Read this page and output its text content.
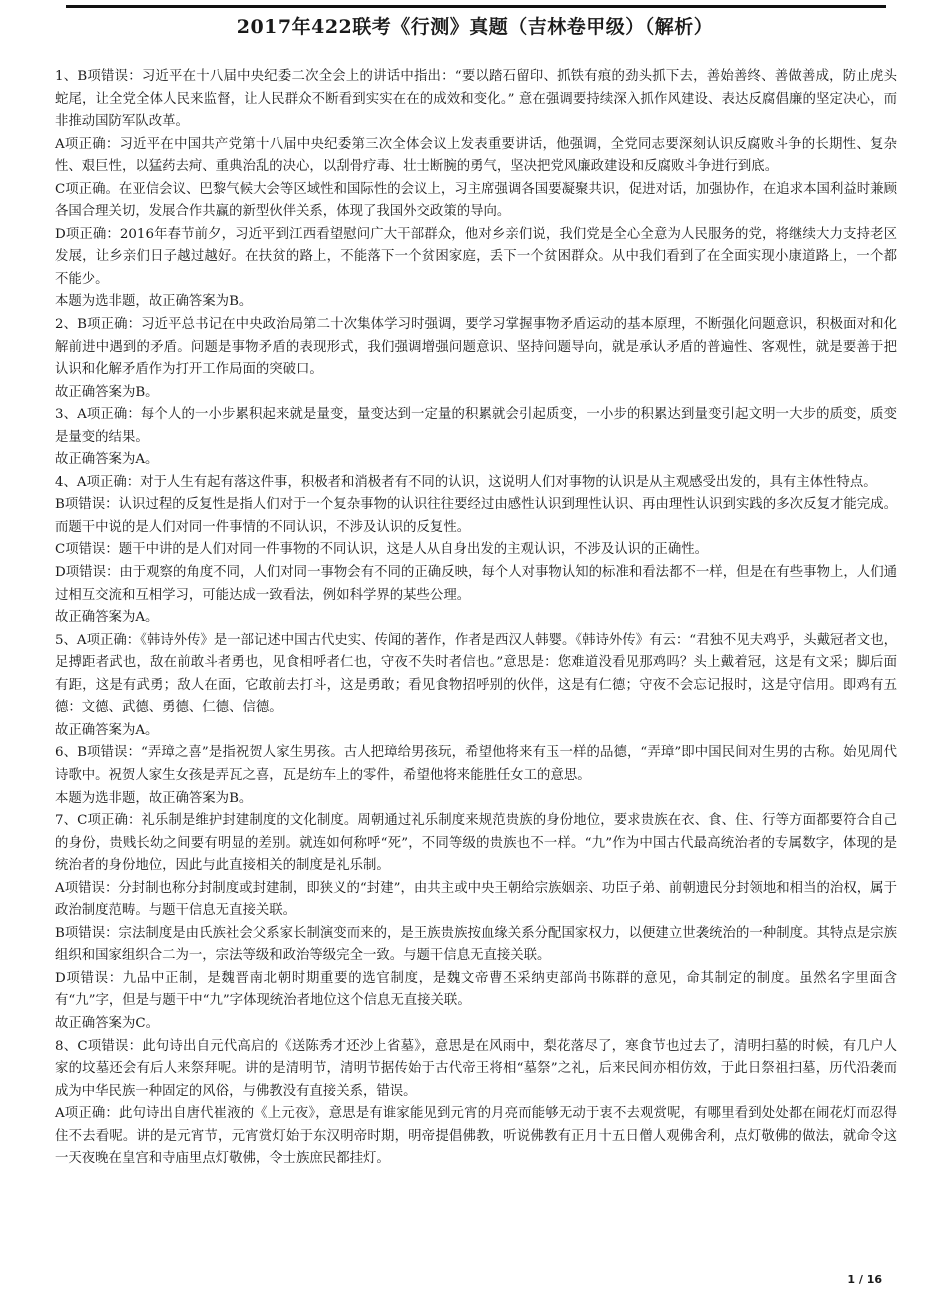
2017年422联考《行测》真题（吉林卷甲级）（解析）

1、B项错误：习近平在十八届中央纪委二次全会上的讲话中指出：“要以踏石留印、抓铁有痕的劲头抓下去，善始善终、善做善成，防止虎头蛇尾，让全党全体人民来监督，让人民群众不断看到实实在在的成效和变化。” 意在强调要持续深入抓作风建设、表达反腐倡廉的坚定决心，而非推动国防军队改革。

A项正确：习近平在中国共产党第十八届中央纪委第三次全体会议上发表重要讲话，他强调，全党同志要深刻认识反腐败斗争的长期性、复杂性、艰巨性，以猛药去疴、重典治乱的决心，以刮骨疗毒、壮士断腕的勇气，坚决把党风廉政建设和反腐败斗争进行到底。

C项正确。在亚信会议、巴黎气候大会等区域性和国际性的会议上，习主席强调各国要凝聚共识，促进对话，加强协作，在追求本国利益时兼顾各国合理关切，发展合作共赢的新型伙伴关系，体现了我国外交政策的导向。

D项正确：2016年春节前夕，习近平到江西看望慰问广大干部群众，他对乡亲们说，我们党是全心全意为人民服务的党，将继续大力支持老区发展，让乡亲们日子越过越好。在扶贫的路上，不能落下一个贫困家庭，丢下一个贫困群众。从中我们看到了在全面实现小康道路上，一个都不能少。

本题为选非题，故正确答案为B。

2、B项正确：习近平总书记在中央政治局第二十次集体学习时强调，要学习掌握事物矛盾运动的基本原理，不断强化问题意识，积极面对和化解前进中遇到的矛盾。问题是事物矛盾的表现形式，我们强调增强问题意识、坚持问题导向，就是承认矛盾的普遍性、客观性，就是要善于把认识和化解矛盾作为打开工作局面的突破口。

故正确答案为B。

3、A项正确：每个人的一小步累积起来就是量变，量变达到一定量的积累就会引起质变，一小步的积累达到量变引起文明一大步的质变，质变是量变的结果。

故正确答案为A。

4、A项正确：对于人生有起有落这件事，积极者和消极者有不同的认识，这说明人们对事物的认识是从主观感受出发的，具有主体性特点。

B项错误：认识过程的反复性是指人们对于一个复杂事物的认识往往要经过由感性认识到理性认识、再由理性认识到实践的多次反复才能完成。而题干中说的是人们对同一件事情的不同认识，不涉及认识的反复性。

C项错误：题干中讲的是人们对同一件事物的不同认识，这是人从自身出发的主观认识，不涉及认识的正确性。

D项错误：由于观察的角度不同，人们对同一事物会有不同的正确反映，每个人对事物认知的标准和看法都不一样，但是在有些事物上，人们通过相互交流和互相学习，可能达成一致看法，例如科学界的某些公理。

故正确答案为A。

5、A项正确：《韩诗外传》是一部记述中国古代史实、传闻的著作，作者是西汉人韩婴。《韩诗外传》有云：“君独不见夫鸡乎，头戴冠者文也，足搏距者武也，敌在前敢斗者勇也，见食相呼者仁也，守夜不失时者信也。”意思是：您难道没看见那鸡吗？头上戴着冠，这是有文采；脚后面有距，这是有武勇；敌人在面，它敢前去打斗，这是勇敢；看见食物招呼别的伙伴，这是有仁德；守夜不会忘记报时，这是守信用。即鸡有五德：文德、武德、勇德、仁德、信德。

故正确答案为A。

6、B项错误：“弄璋之喜”是指祝贺人家生男孩。古人把璋给男孩玩，希望他将来有玉一样的品德，“弄璋”即中国民间对生男的古称。始见周代诗歌中。祝贺人家生女孩是弄瓦之喜，瓦是纺车上的零件，希望他将来能胜任女工的意思。

本题为选非题，故正确答案为B。

7、C项正确：礼乐制是维护封建制度的文化制度。周朝通过礼乐制度来规范贵族的身份地位，要求贵族在衣、食、住、行等方面都要符合自己的身份，贵贱长幼之间要有明显的差别。就连如何称呼“死”，不同等级的贵族也不一样。“九”作为中国古代最高统治者的专属数字，体现的是统治者的身份地位，因此与此直接相关的制度是礼乐制。

A项错误：分封制也称分封制度或封建制，即狭义的“封建”，由共主或中央王朝给宗族姻亲、功臣子弟、前朝遗民分封领地和相当的治权，属于政治制度范畴。与题干信息无直接关联。

B项错误：宗法制度是由氏族社会父系家长制演变而来的，是王族贵族按血缘关系分配国家权力，以便建立世袭统治的一种制度。其特点是宗族组织和国家组织合二为一，宗法等级和政治等级完全一致。与题干信息无直接关联。

D项错误：九品中正制，是魏晋南北朝时期重要的选官制度，是魏文帝曹丕采纳吏部尚书陈群的意见，命其制定的制度。虽然名字里面含有“九”字，但是与题干中“九”字体现统治者地位这个信息无直接关联。

故正确答案为C。

8、C项错误：此句诗出自元代高启的《送陈秀才还沙上省墓》，意思是在风雨中，梨花落尽了，寒食节也过去了，清明扫墓的时候，有几户人家的坟墓还会有后人来祭拜呢。讲的是清明节，清明节据传始于古代帝王将相“墓祭”之礼，后来民间亦相仿效，于此日祭祖扫墓，历代沿袭而成为中华民族一种固定的风俗，与佛教没有直接关系，错误。

A项正确：此句诗出自唐代崔液的《上元夜》，意思是有谁家能见到元宵的月亮而能够无动于衷不去观赏呢，有哪里看到处处都在闹花灯而忍得住不去看呢。讲的是元宵节，元宵赏灯始于东汉明帝时期，明帝提倡佛教，听说佛教有正月十五日僧人观佛舍利，点灯敬佛的做法，就命令这一天夜晚在皇宫和寺庙里点灯敬佛，令士族庶民都挂灯。

1 / 16
